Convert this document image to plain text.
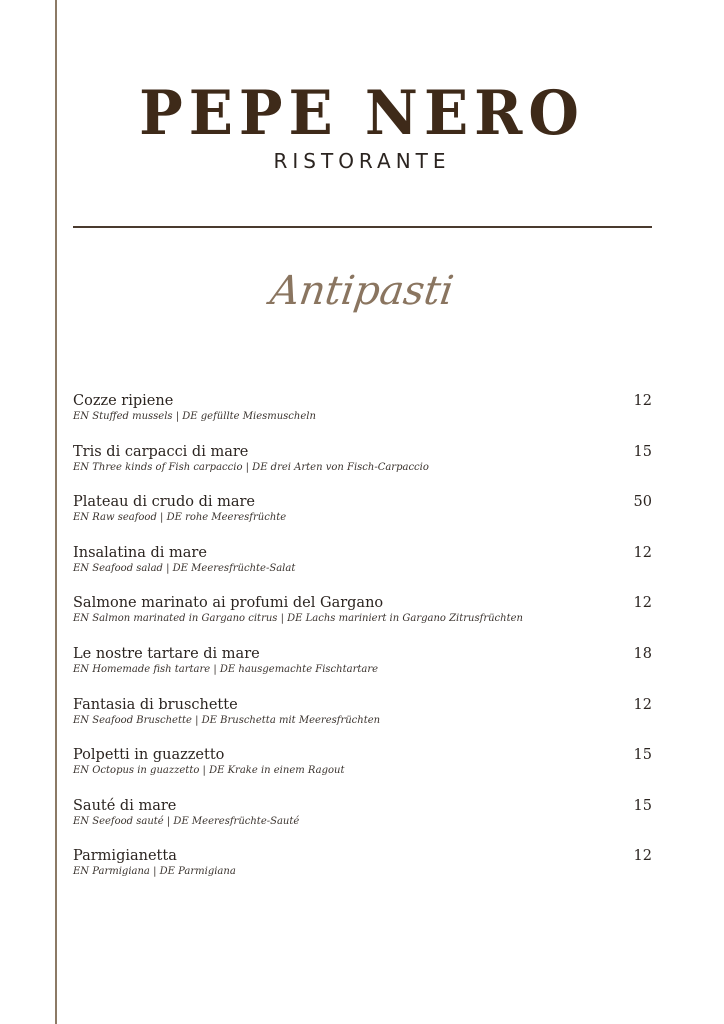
PEPE NERO
RISTORANTE
Antipasti
Cozze ripiene
EN Stuffed mussels | DE gefüllte Miesmuscheln
12
Tris di carpacci di mare
EN Three kinds of Fish carpaccio | DE drei Arten von Fisch-Carpaccio
15
Plateau di crudo di mare
EN Raw seafood | DE rohe Meeresfrüchte
50
Insalatina di mare
EN Seafood salad | DE Meeresfrüchte-Salat
12
Salmone marinato ai profumi del Gargano
EN Salmon marinated in Gargano citrus | DE Lachs mariniert in Gargano Zitrusfrüchten
12
Le nostre tartare di mare
EN Homemade fish tartare | DE hausgemachte Fischtartare
18
Fantasia di bruschette
EN Seafood Bruschette | DE Bruschetta mit Meeresfrüchten
12
Polpetti in guazzetto
EN Octopus in guazzetto | DE Krake in einem Ragout
15
Sauté di mare
EN Seefood sauté | DE Meeresfrüchte-Sauté
15
Parmigianetta
EN Parmigiana | DE Parmigiana
12
